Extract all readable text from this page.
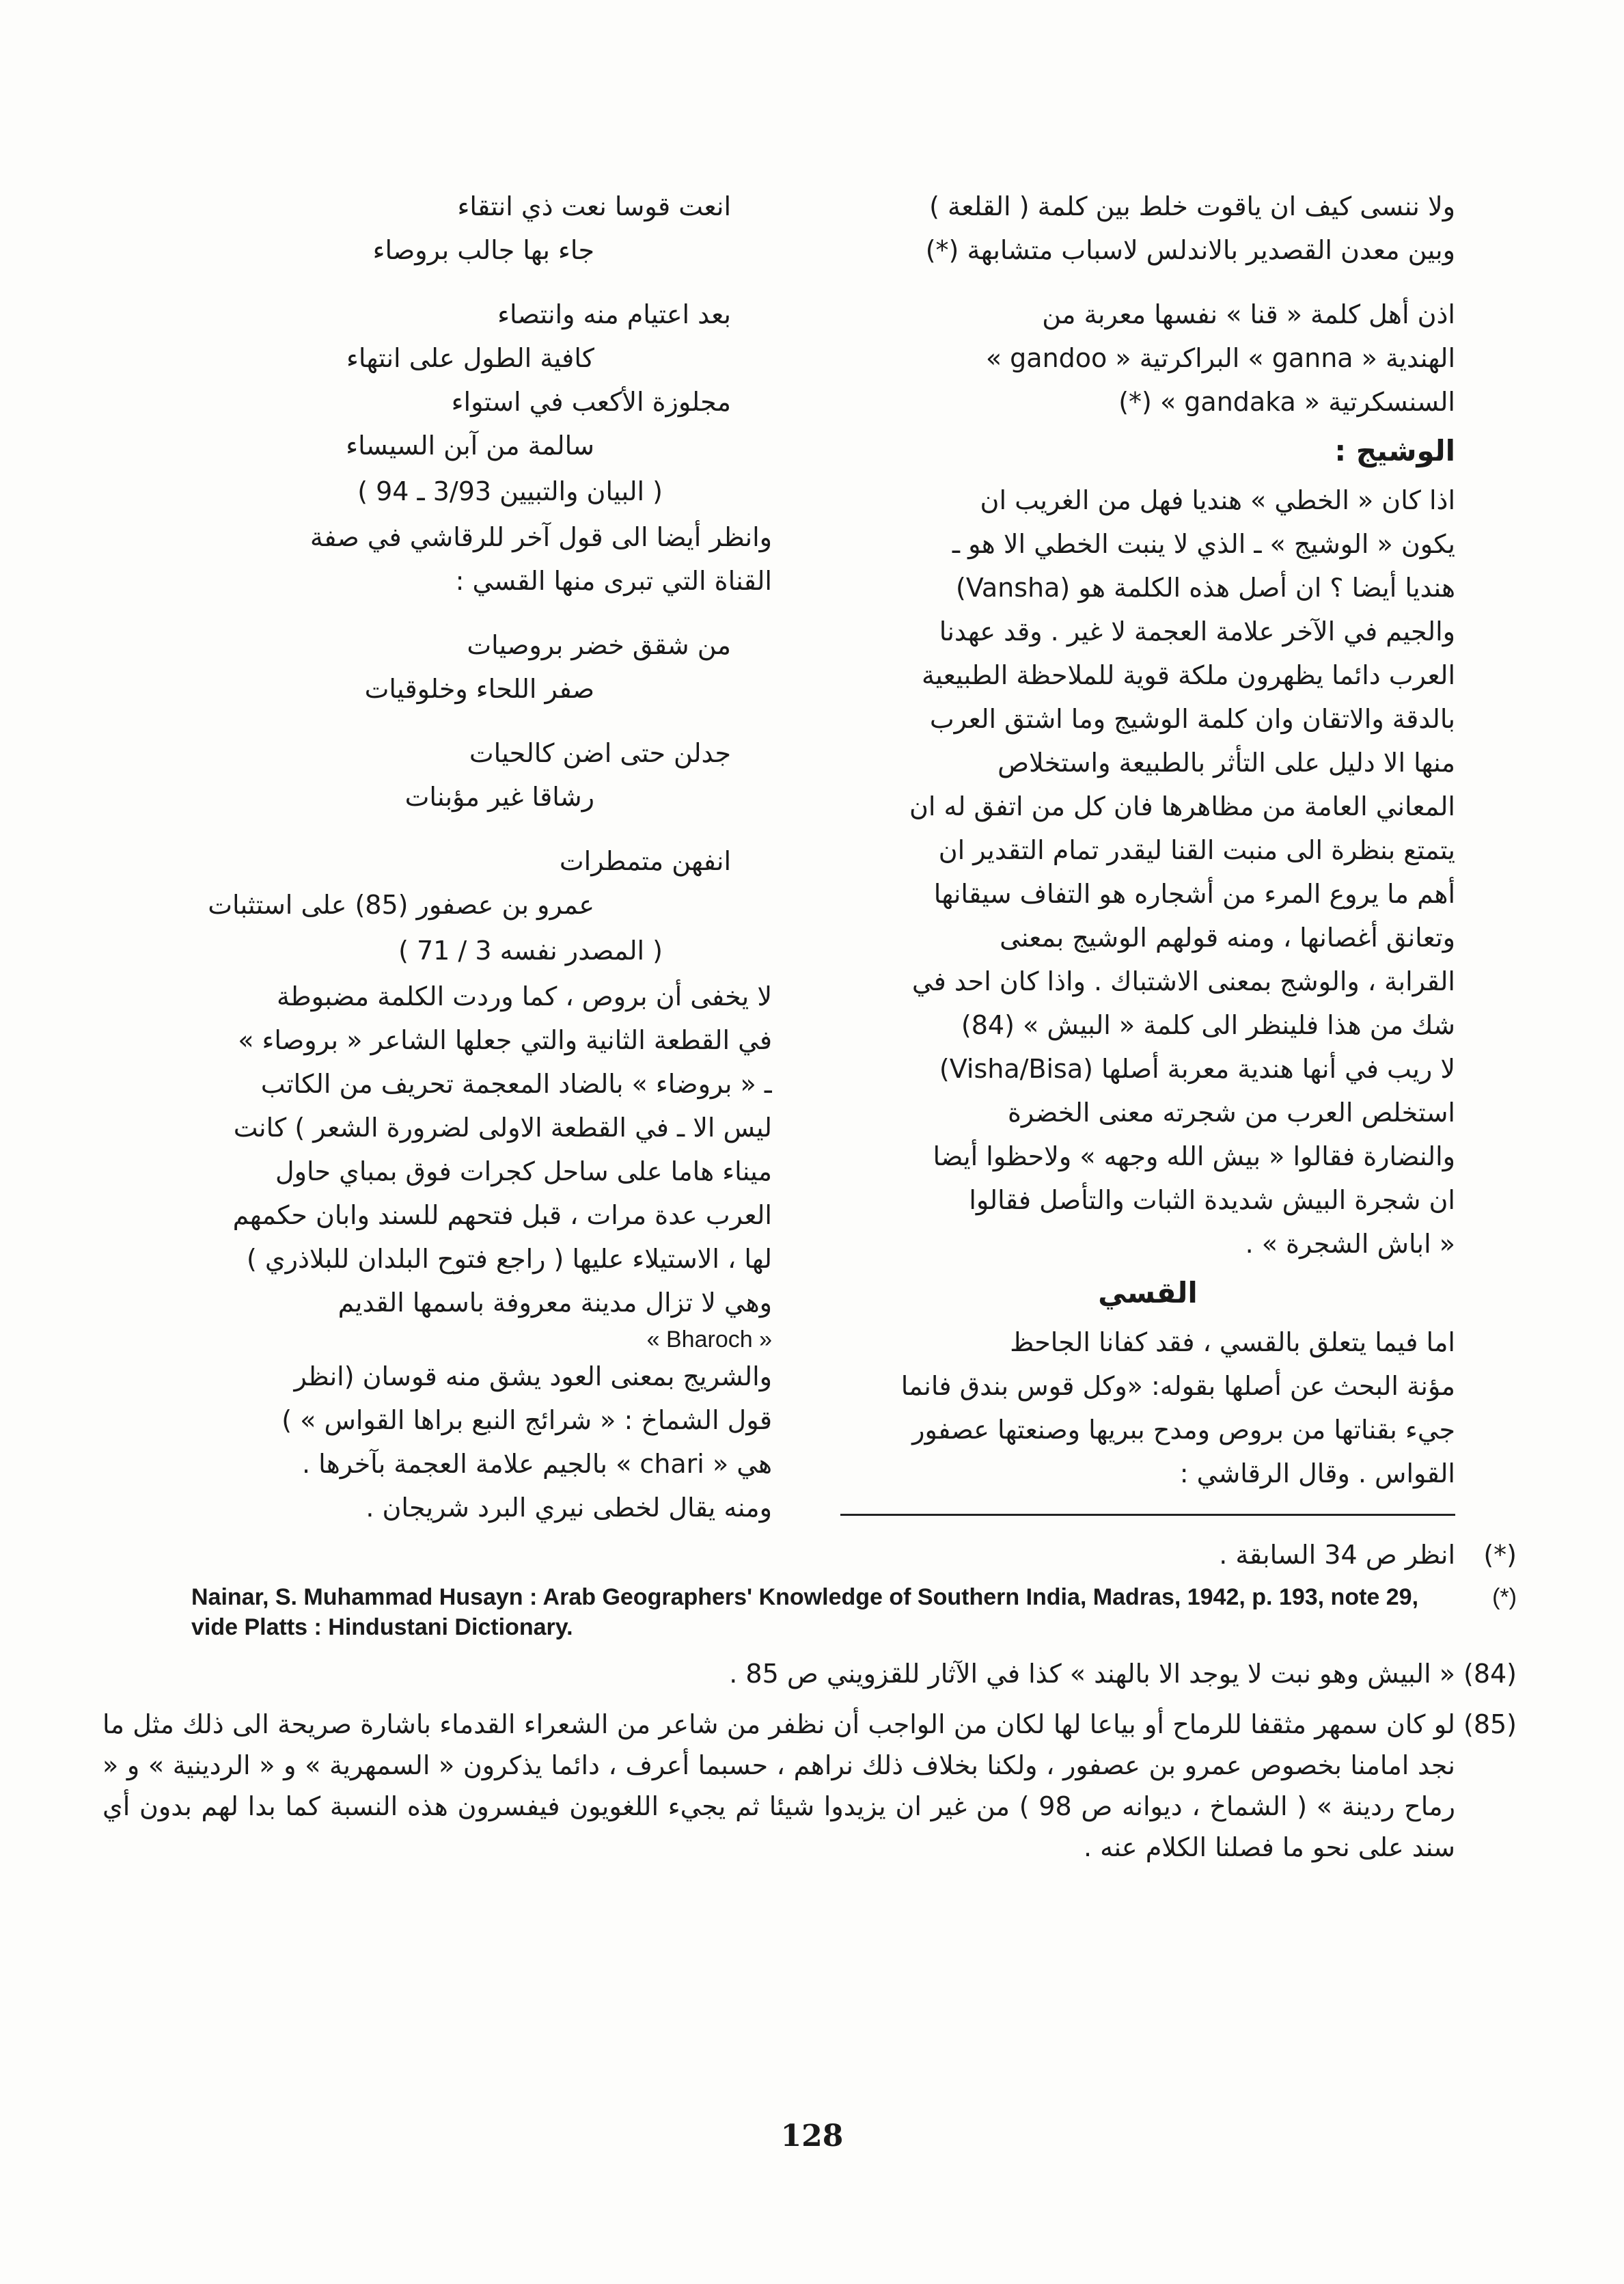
ولا ننسى كيف ان ياقوت خلط بين كلمة ( القلعة )
وبين معدن القصدير بالاندلس لاسباب متشابهة (*)
اذن أهل كلمة « قنا » نفسها معربة من
الهندية « ganna » البراكرتية « gandoo »
السنسكرتية « gandaka » (*)
الوشيج :
اذا كان « الخطي » هنديا فهل من الغريب ان
يكون « الوشيج » ـ الذي لا ينبت الخطي الا هو ـ
هنديا أيضا ؟ ان أصل هذه الكلمة هو (Vansha)
والجيم في الآخر علامة العجمة لا غير . وقد عهدنا
العرب دائما يظهرون ملكة قوية للملاحظة الطبيعية
بالدقة والاتقان وان كلمة الوشيج وما اشتق العرب
منها الا دليل على التأثر بالطبيعة واستخلاص
المعاني العامة من مظاهرها فان كل من اتفق له ان
يتمتع بنظرة الى منبت القنا ليقدر تمام التقدير ان
أهم ما يروع المرء من أشجاره هو التفاف سيقانها
وتعانق أغصانها ، ومنه قولهم الوشيج بمعنى
القرابة ، والوشج بمعنى الاشتباك . واذا كان احد في
شك من هذا فلينظر الى كلمة « البيش » (84)
لا ريب في أنها هندية معربة أصلها (Visha/Bisa)
استخلص العرب من شجرته معنى الخضرة
والنضارة فقالوا « بيش الله وجهه » ولاحظوا أيضا
ان شجرة البيش شديدة الثبات والتأصل فقالوا
« اباش الشجرة » .
القسي
اما فيما يتعلق بالقسي ، فقد كفانا الجاحظ
مؤنة البحث عن أصلها بقوله: «وكل قوس بندق فانما
جيء بقناتها من بروص ومدح ببريها وصنعتها عصفور
القواس . وقال الرقاشي :
انعت قوسا نعت ذي انتقاء
جاء بها جالب بروصاء
بعد اعتيام منه وانتصاء
كافية الطول على انتهاء
مجلوزة الأكعب في استواء
سالمة من آبن السيساء
( البيان والتبيين 3/93 ـ 94 )
وانظر أيضا الى قول آخر للرقاشي في صفة
القناة التي تبرى منها القسي :
من شقق خضر بروصيات
صفر اللحاء وخلوقيات
جدلن حتى اضن كالحيات
رشاقا غير مؤبنات
انفهن متمطرات
عمرو بن عصفور (85) على استثبات
( المصدر نفسه 3 / 71 )
لا يخفى أن بروص ، كما وردت الكلمة مضبوطة
في القطعة الثانية والتي جعلها الشاعر « بروصاء »
ـ « بروضاء » بالضاد المعجمة تحريف من الكاتب
ليس الا ـ في القطعة الاولى لضرورة الشعر ) كانت
ميناء هاما على ساحل كجرات فوق بمباي حاول
العرب عدة مرات ، قبل فتحهم للسند وابان حكمهم
لها ، الاستيلاء عليها ( راجع فتوح البلدان للبلاذري )
وهي لا تزال مدينة معروفة باسمها القديم
« Bharoch »
والشريج بمعنى العود يشق منه قوسان (انظر
قول الشماخ : « شرائج النبع براها القواس » )
هي « chari » بالجيم علامة العجمة بآخرها .
ومنه يقال لخطى نيري البرد شريجان .
(*)
انظر ص 34 السابقة .
Nainar, S. Muhammad Husayn : Arab Geographers' Knowledge of Southern India, Madras, 1942, p. 193, note 29, vide Platts : Hindustani Dictionary.
(*)
(84)
« البيش وهو نبت لا يوجد الا بالهند » كذا في الآثار للقزويني ص 85 .
(85)
لو كان سمهر مثقفا للرماح أو بياعا لها لكان من الواجب أن نظفر من شاعر من الشعراء القدماء باشارة صريحة الى ذلك مثل ما نجد امامنا بخصوص عمرو بن عصفور ، ولكنا بخلاف ذلك نراهم ، حسبما أعرف ، دائما يذكرون « السمهرية » و « الردينية » و « رماح ردينة » ( الشماخ ، ديوانه ص 98 ) من غير ان يزيدوا شيئا ثم يجيء اللغويون فيفسرون هذه النسبة كما بدا لهم بدون أي سند على نحو ما فصلنا الكلام عنه .
128
